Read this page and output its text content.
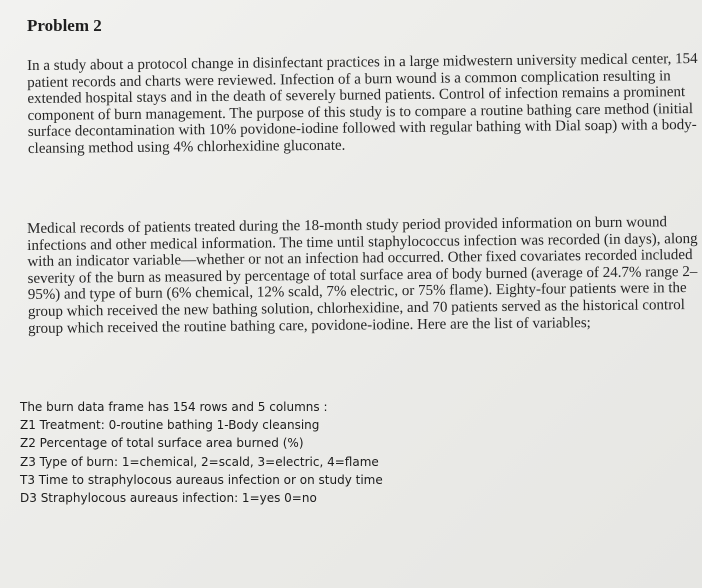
Problem 2

In a study about a protocol change in disinfectant practices in a large midwestern university medical center, 154 patient records and charts were reviewed. Infection of a burn wound is a common complication resulting in extended hospital stays and in the death of severely burned patients. Control of infection remains a prominent component of burn management. The purpose of this study is to compare a routine bathing care method (initial surface decontamination with 10% povidone-iodine followed with regular bathing with Dial soap) with a body-cleansing method using 4% chlorhexidine gluconate.

Medical records of patients treated during the 18-month study period provided information on burn wound infections and other medical information. The time until staphylococcus infection was recorded (in days), along with an indicator variable—whether or not an infection had occurred. Other fixed covariates recorded included severity of the burn as measured by percentage of total surface area of body burned (average of 24.7% range 2–95%) and type of burn (6% chemical, 12% scald, 7% electric, or 75% flame). Eighty-four patients were in the group which received the new bathing solution, chlorhexidine, and 70 patients served as the historical control group which received the routine bathing care, povidone-iodine. Here are the list of variables;

The burn data frame has 154 rows and 5 columns :
Z1 Treatment: 0-routine bathing 1-Body cleansing
Z2 Percentage of total surface area burned (%)
Z3 Type of burn: 1=chemical, 2=scald, 3=electric, 4=flame
T3 Time to straphylocous aureaus infection or on study time
D3 Straphylocous aureaus infection: 1=yes 0=no
